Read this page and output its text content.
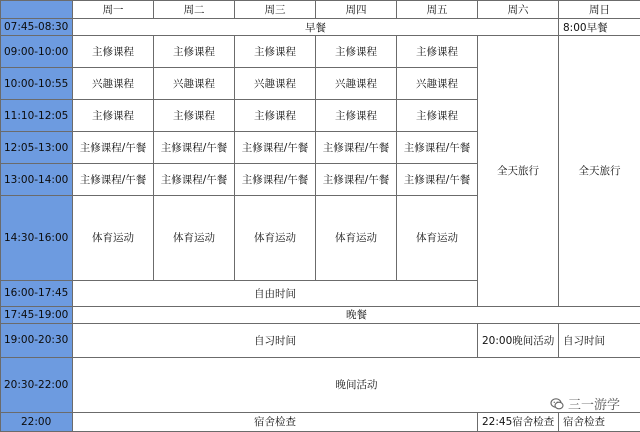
	周一	周二	周三	周四	周五	周六	周日
07:45-08:30	早餐						8:00早餐
09:00-10:00	主修课程	主修课程	主修课程	主修课程	主修课程	全天旅行	全天旅行
10:00-10:55	兴趣课程	兴趣课程	兴趣课程	兴趣课程	兴趣课程		
11:10-12:05	主修课程	主修课程	主修课程	主修课程	主修课程		
12:05-13:00	主修课程/午餐	主修课程/午餐	主修课程/午餐	主修课程/午餐	主修课程/午餐		
13:00-14:00	主修课程/午餐	主修课程/午餐	主修课程/午餐	主修课程/午餐	主修课程/午餐		
14:30-16:00	体育运动	体育运动	体育运动	体育运动	体育运动		
16:00-17:45	自由时间						
17:45-19:00	晚餐						
19:00-20:30	自习时间					20:00晚间活动	自习时间
20:30-22:00	晚间活动						
22:00	宿舍检查					22:45宿舍检查	宿舍检查
三一游学
